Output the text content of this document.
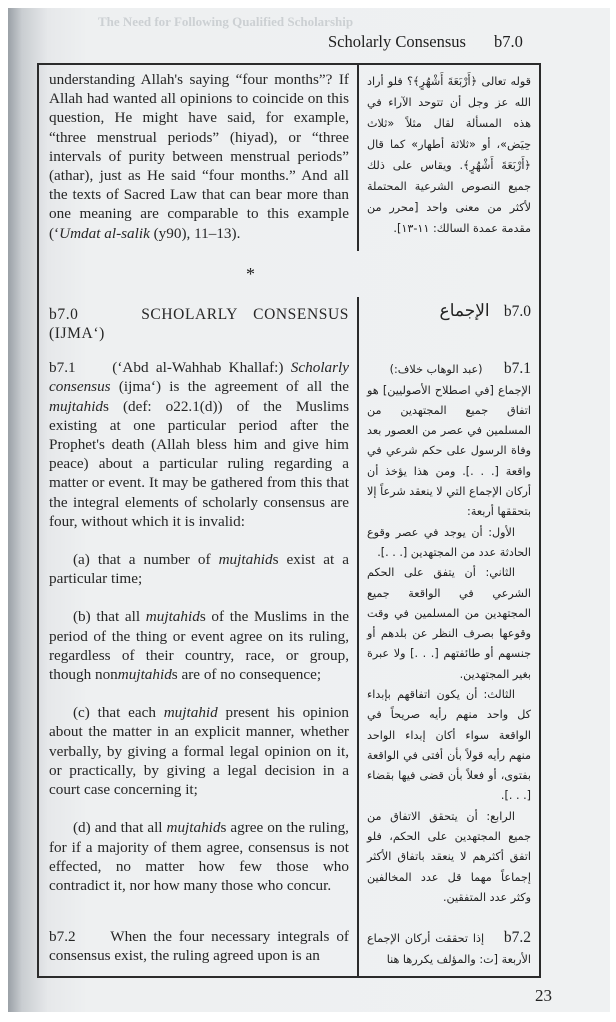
The Need for Following Qualified Scholarship
Scholarly Consensus b7.0

understanding Allah's saying “four months”? If Allah had wanted all opinions to coincide on this question, He might have said, for example, “three menstrual periods” (hiyad), or “three intervals of purity between menstrual periods” (athar), just as He said “four months.” And all the texts of Sacred Law that can bear more than one meaning are comparable to this example (‘Umdat al-salik (y90), 11–13).

قوله تعالى ﴿أَرْبَعَةَ أَشْهُرٍ﴾؟ فلو أراد الله عز وجل أن تتوحد الآراء في هذه المسألة لقال مثلاً «ثلاث حِيَض»، أو «ثلاثة أطهار» كما قال ﴿أَرْبَعَةَ أَشْهُرٍ﴾. ويقاس على ذلك جميع النصوص الشرعية المحتملة لأكثر من معنى واحد [محرر من مقدمة عمدة السالك: ١١-١٣].

*
b7.0	SCHOLARLY CONSENSUS (IJMA‘)
b7.0    الإجماع

b7.1 (‘Abd al-Wahhab Khallaf:) Scholarly consensus (ijma‘) is the agreement of all the mujtahids (def: o22.1(d)) of the Muslims existing at one particular period after the Prophet's death (Allah bless him and give him peace) about a particular ruling regarding a matter or event. It may be gathered from this that the integral elements of scholarly consensus are four, without which it is invalid:

(a) that a number of mujtahids exist at a particular time;

(b) that all mujtahids of the Muslims in the period of the thing or event agree on its ruling, regardless of their country, race, or group, though nonmujtahids are of no consequence;

(c) that each mujtahid present his opinion about the matter in an explicit manner, whether verbally, by giving a formal legal opinion on it, or practically, by giving a legal decision in a court case concerning it;

(d) and that all mujtahids agree on the ruling, for if a majority of them agree, consensus is not effected, no matter how few those who contradict it, nor how many those who concur.

b7.1      (عبد الوهاب خلاف:)

الإجماع [في اصطلاح الأصوليين] هو اتفاق جميع المجتهدين من المسلمين في عصر من العصور بعد وفاة الرسول على حكم شرعي في واقعة [. . .]. ومن هذا يؤخذ أن أركان الإجماع التي لا ينعقد شرعاً إلا بتحققها أربعة:

الأول: أن يوجد في عصر وقوع الحادثة عدد من المجتهدين [. . .].

الثاني: أن يتفق على الحكم الشرعي في الواقعة جميع المجتهدين من المسلمين في وقت وقوعها بصرف النظر عن بلدهم أو جنسهم أو طائفتهم [. . .] ولا عبرة بغير المجتهدين.

الثالث: أن يكون اتفاقهم بإبداء كل واحد منهم رأيه صريحاً في الواقعة سواء أكان إبداء الواحد منهم رأيه قولاً بأن أفتى في الواقعة بفتوى، أو فعلاً بأن قضى فيها بقضاء [. . .].

الرابع: أن يتحقق الاتفاق من جميع المجتهدين على الحكم، فلو اتفق أكثرهم لا ينعقد باتفاق الأكثر إجماعاً مهما قل عدد المخالفين وكثر عدد المتفقين.

b7.2 When the four necessary integrals of consensus exist, the ruling agreed upon is an

b7.2    إذا تحققت أركان الإجماع الأربعة [ت: والمؤلف يكررها هنا

23
